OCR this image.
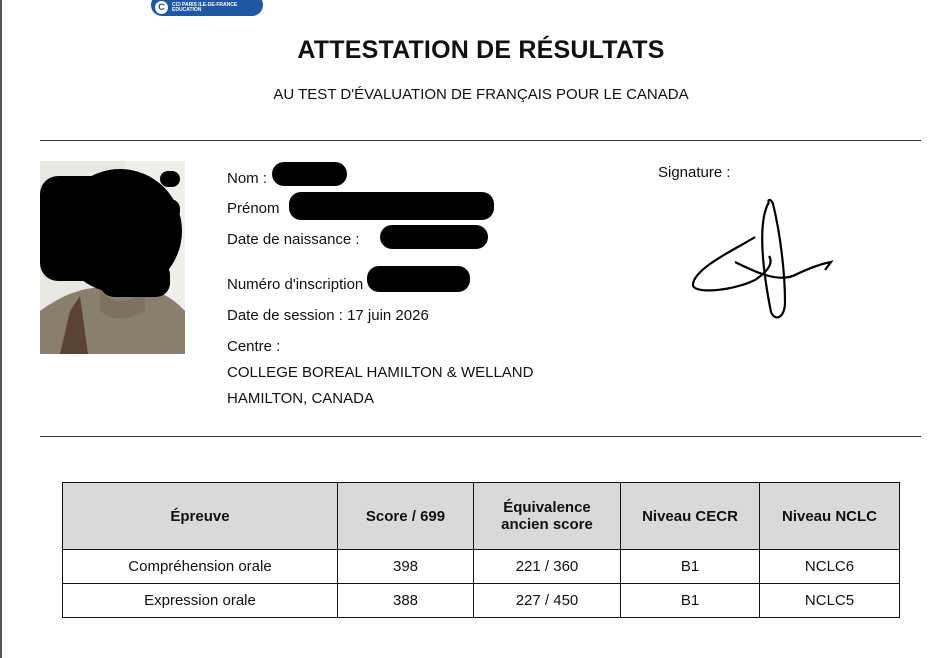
C	CCI PARIS ILE-DE-FRANCE
EDUCATION
ATTESTATION DE RÉSULTATS
AU TEST D'ÉVALUATION DE FRANÇAIS POUR LE CANADA
Nom :
Prénom
Date de naissance :
Numéro d'inscription
Date de session : 17 juin 2026
Centre :
COLLEGE BOREAL HAMILTON & WELLAND
HAMILTON, CANADA
Signature :
Épreuve	Score / 699	Équivalence ancien score	Niveau CECR	Niveau NCLC
Compréhension orale	398	221 / 360	B1	NCLC6
Expression orale	388	227 / 450	B1	NCLC5
